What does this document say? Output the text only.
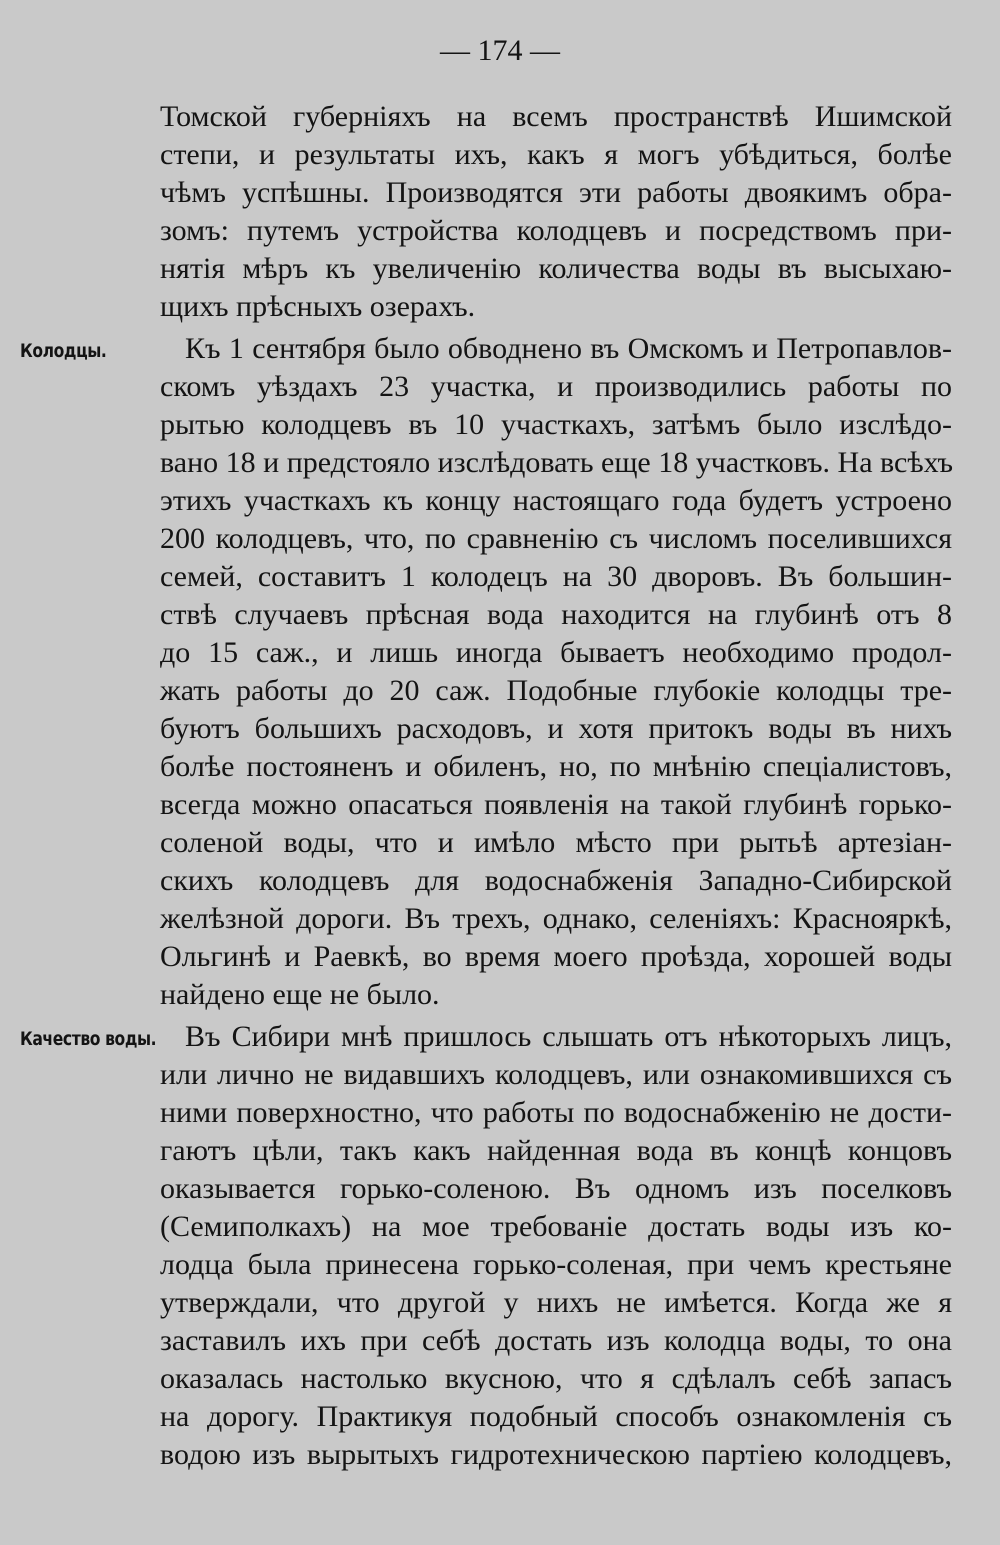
— 174 —
Колодцы.
Качество воды.
Томской губерніяхъ на всемъ пространствѣ Ишимской
степи, и результаты ихъ, какъ я могъ убѣдиться, болѣе
чѣмъ успѣшны. Производятся эти работы двоякимъ обра-
зомъ: путемъ устройства колодцевъ и посредствомъ при-
нятія мѣръ къ увеличенію количества воды въ высыхаю-
щихъ прѣсныхъ озерахъ.
Къ 1 сентября было обводнено въ Омскомъ и Петропавлов-
скомъ уѣздахъ 23 участка, и производились работы по
рытью колодцевъ въ 10 участкахъ, затѣмъ было изслѣдо-
вано 18 и предстояло изслѣдовать еще 18 участковъ. На всѣхъ
этихъ участкахъ къ концу настоящаго года будетъ устроено
200 колодцевъ, что, по сравненію съ числомъ поселившихся
семей, составитъ 1 колодецъ на 30 дворовъ. Въ большин-
ствѣ случаевъ прѣсная вода находится на глубинѣ отъ 8
до 15 саж., и лишь иногда бываетъ необходимо продол-
жать работы до 20 саж. Подобные глубокіе колодцы тре-
буютъ большихъ расходовъ, и хотя притокъ воды въ нихъ
болѣе постояненъ и обиленъ, но, по мнѣнію спеціалистовъ,
всегда можно опасаться появленія на такой глубинѣ горько-
соленой воды, что и имѣло мѣсто при рытьѣ артезіан-
скихъ колодцевъ для водоснабженія Западно-Сибирской
желѣзной дороги. Въ трехъ, однако, селеніяхъ: Краснояркѣ,
Ольгинѣ и Раевкѣ, во время моего проѣзда, хорошей воды
найдено еще не было.
Въ Сибири мнѣ пришлось слышать отъ нѣкоторыхъ лицъ,
или лично не видавшихъ колодцевъ, или ознакомившихся съ
ними поверхностно, что работы по водоснабженію не дости-
гаютъ цѣли, такъ какъ найденная вода въ концѣ концовъ
оказывается горько-соленою. Въ одномъ изъ поселковъ
(Семиполкахъ) на мое требованіе достать воды изъ ко-
лодца была принесена горько-соленая, при чемъ крестьяне
утверждали, что другой у нихъ не имѣется. Когда же я
заставилъ ихъ при себѣ достать изъ колодца воды, то она
оказалась настолько вкусною, что я сдѣлалъ себѣ запасъ
на дорогу. Практикуя подобный способъ ознакомленія съ
водою изъ вырытыхъ гидротехническою партіею колодцевъ,
